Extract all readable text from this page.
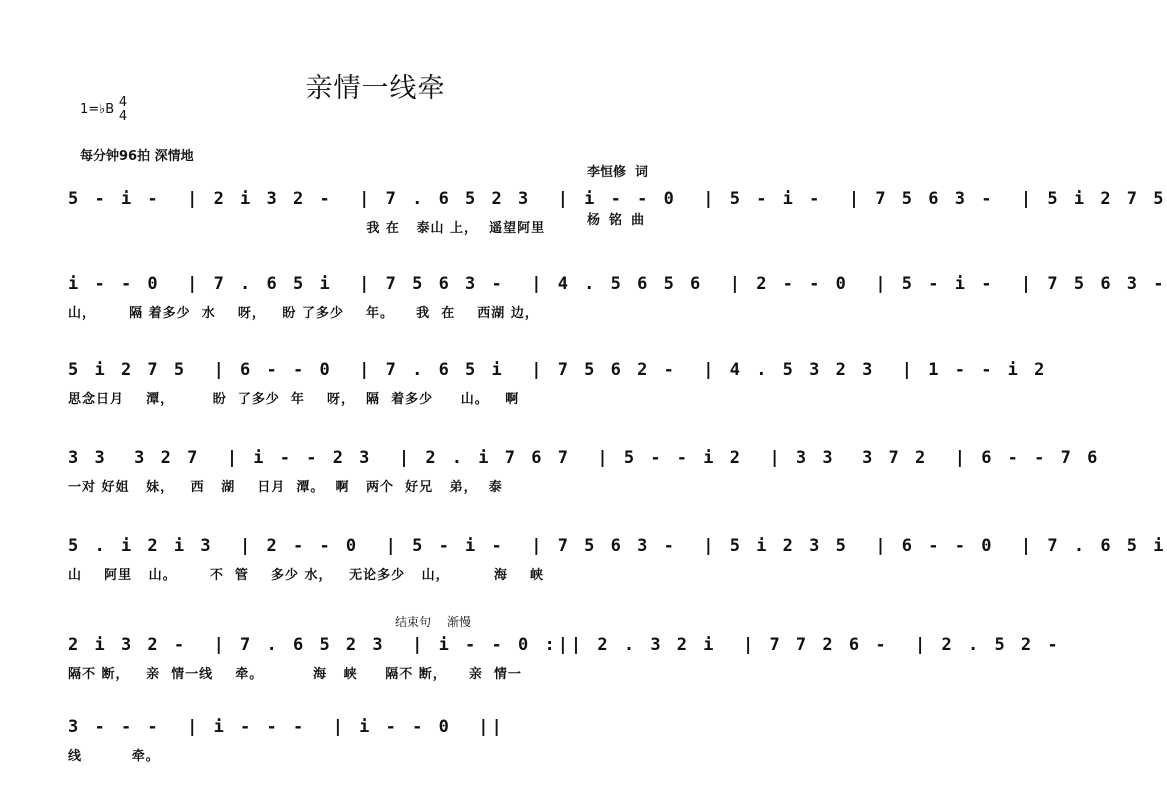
亲情一线牵
1=♭B 4
4
每分钟96拍 深情地

李恒修  词

杨  铭  曲

5 - i -  | 2 i 3 2 -  | 7 . 6 5 2 3  | i - - 0  | 5 - i -  | 7 5 6 3 -  | 5 i 2 7 5
我 在   泰山 上，  遥望阿里
i - - 0  | 7 . 6 5 i  | 7 5 6 3 -  | 4 . 5 6 5 6  | 2 - - 0  | 5 - i -  | 7 5 6 3 -
山，      隔 着多少  水    呀，   盼 了多少    年。    我  在    西湖 边，
5 i 2 7 5  | 6 - - 0  | 7 . 6 5 i  | 7 5 6 2 -  | 4 . 5 3 2 3  | 1 - - i 2
思念日月    潭，       盼  了多少  年    呀，  隔  着多少     山。   啊
3 3  3 2 7  | i - - 2 3  | 2 . i 7 6 7  | 5 - - i 2  | 3 3  3 7 2  | 6 - - 7 6
一对 好姐   妹，   西   湖    日月  潭。  啊   两个  好兄   弟，  泰
5 . i 2 i 3  | 2 - - 0  | 5 - i -  | 7 5 6 3 -  | 5 i 2 3 5  | 6 - - 0  | 7 . 6 5 i
山    阿里   山。      不  管    多少 水，   无论多少   山，        海    峡
结束句 渐慢
2 i 3 2 -  | 7 . 6 5 2 3  | i - - 0 :|| 2 . 3 2 i  | 7 7 2 6 -  | 2 . 5 2 -
隔不 断，   亲  情一线    牵。         海   峡     隔不 断，    亲  情一
3 - - -  | i - - -  | i - - 0  ||
线         牵。
